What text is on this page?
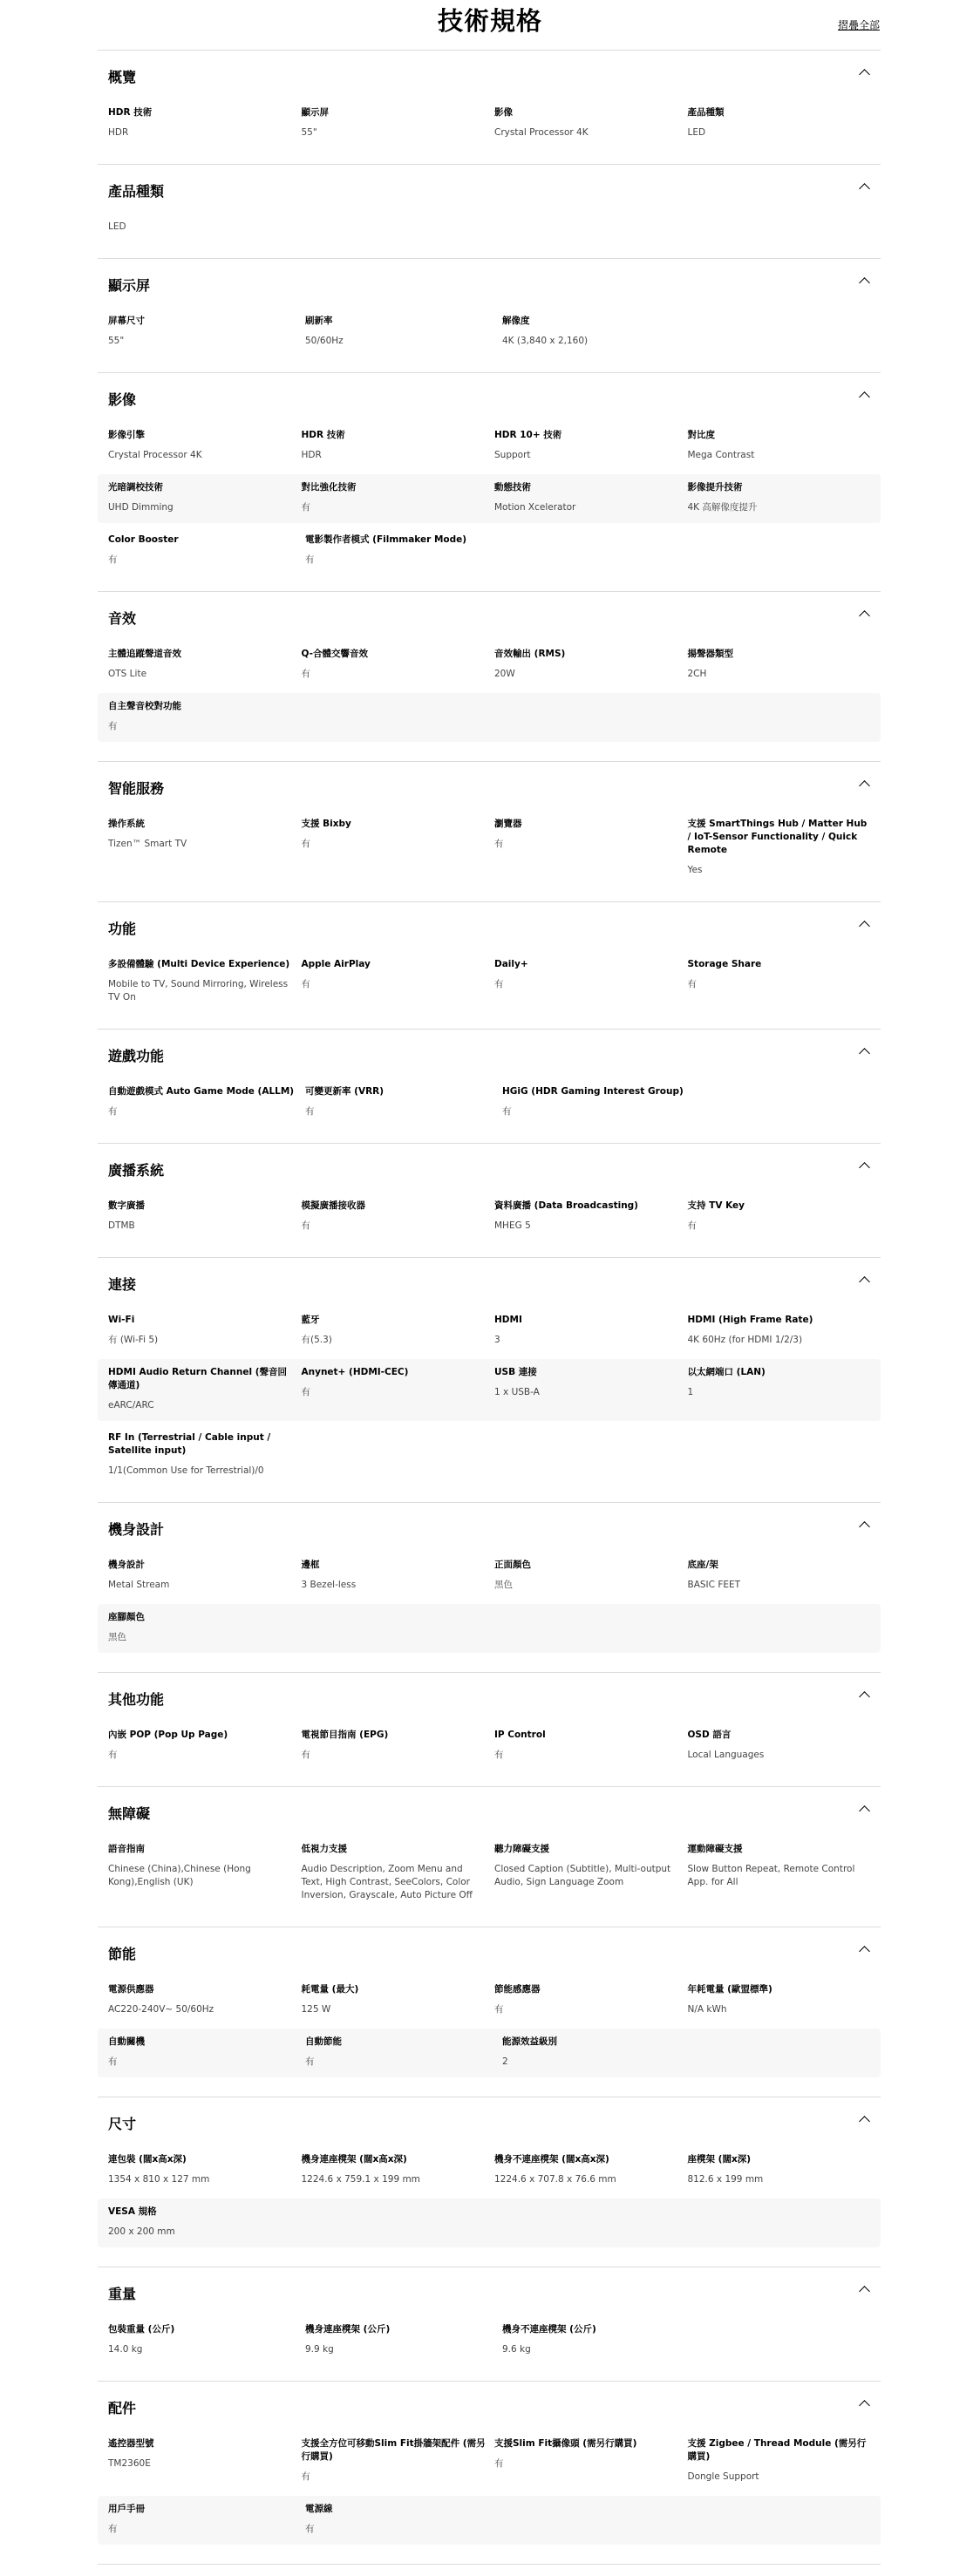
技術規格	摺疊全部
概覽
HDR 技術
HDR
顯示屏
55"
影像
Crystal Processor 4K
產品種類
LED
產品種類
LED
顯示屏
屏幕尺寸
55"
刷新率
50/60Hz
解像度
4K (3,840 x 2,160)
影像
影像引擎
Crystal Processor 4K
HDR 技術
HDR
HDR 10+ 技術
Support
對比度
Mega Contrast
光暗調校技術
UHD Dimming
對比強化技術
有
動態技術
Motion Xcelerator
影像提升技術
4K 高解像度提升
Color Booster
有
電影製作者模式 (Filmmaker Mode)
有
音效
主體追蹤聲道音效
OTS Lite
Q-合體交響音效
有
音效輸出 (RMS)
20W
揚聲器類型
2CH
自主聲音校對功能
有
智能服務
操作系統
Tizen™ Smart TV
支援 Bixby
有
瀏覽器
有
支援 SmartThings Hub / Matter Hub / IoT-Sensor Functionality / Quick Remote
Yes
功能
多設備體驗 (Multi Device Experience)
Mobile to TV, Sound Mirroring, Wireless TV On
Apple AirPlay
有
Daily+
有
Storage Share
有
遊戲功能
自動遊戲模式 Auto Game Mode (ALLM)
有
可變更新率 (VRR)
有
HGiG (HDR Gaming Interest Group)
有
廣播系統
數字廣播
DTMB
模擬廣播接收器
有
資料廣播 (Data Broadcasting)
MHEG 5
支持 TV Key
有
連接
Wi-Fi
有 (Wi-Fi 5)
藍牙
有(5.3)
HDMI
3
HDMI (High Frame Rate)
4K 60Hz (for HDMI 1/2/3)
HDMI Audio Return Channel (聲音回傳通道)
eARC/ARC
Anynet+ (HDMI-CEC)
有
USB 連接
1 x USB-A
以太網端口 (LAN)
1
RF In (Terrestrial / Cable input / Satellite input)
1/1(Common Use for Terrestrial)/0
機身設計
機身設計
Metal Stream
邊框
3 Bezel-less
正面顏色
黑色
底座/架
BASIC FEET
座腳顏色
黑色
其他功能
內嵌 POP (Pop Up Page)
有
電視節目指南 (EPG)
有
IP Control
有
OSD 語言
Local Languages
無障礙
語音指南
Chinese (China),Chinese (Hong Kong),English (UK)
低視力支援
Audio Description, Zoom Menu and Text, High Contrast, SeeColors, Color Inversion, Grayscale, Auto Picture Off
聽力障礙支援
Closed Caption (Subtitle), Multi-output Audio, Sign Language Zoom
運動障礙支援
Slow Button Repeat, Remote Control App. for All
節能
電源供應器
AC220-240V~ 50/60Hz
耗電量 (最大)
125 W
節能感應器
有
年耗電量 (歐盟標準)
N/A kWh
自動關機
有
自動節能
有
能源效益級別
2
尺寸
連包裝 (闊x高x深)
1354 x 810 x 127 mm
機身連座櫈架 (闊x高x深)
1224.6 x 759.1 x 199 mm
機身不連座櫈架 (闊x高x深)
1224.6 x 707.8 x 76.6 mm
座櫈架 (闊x深)
812.6 x 199 mm
VESA 規格
200 x 200 mm
重量
包裝重量 (公斤)
14.0 kg
機身連座櫈架 (公斤)
9.9 kg
機身不連座櫈架 (公斤)
9.6 kg
配件
遙控器型號
TM2360E
支援全方位可移動Slim Fit掛牆架配件 (需另行購買)
有
支援Slim Fit攝像頭 (需另行購買)
有
支援 Zigbee / Thread Module (需另行購買)
Dongle Support
用戶手冊
有
電源線
有
